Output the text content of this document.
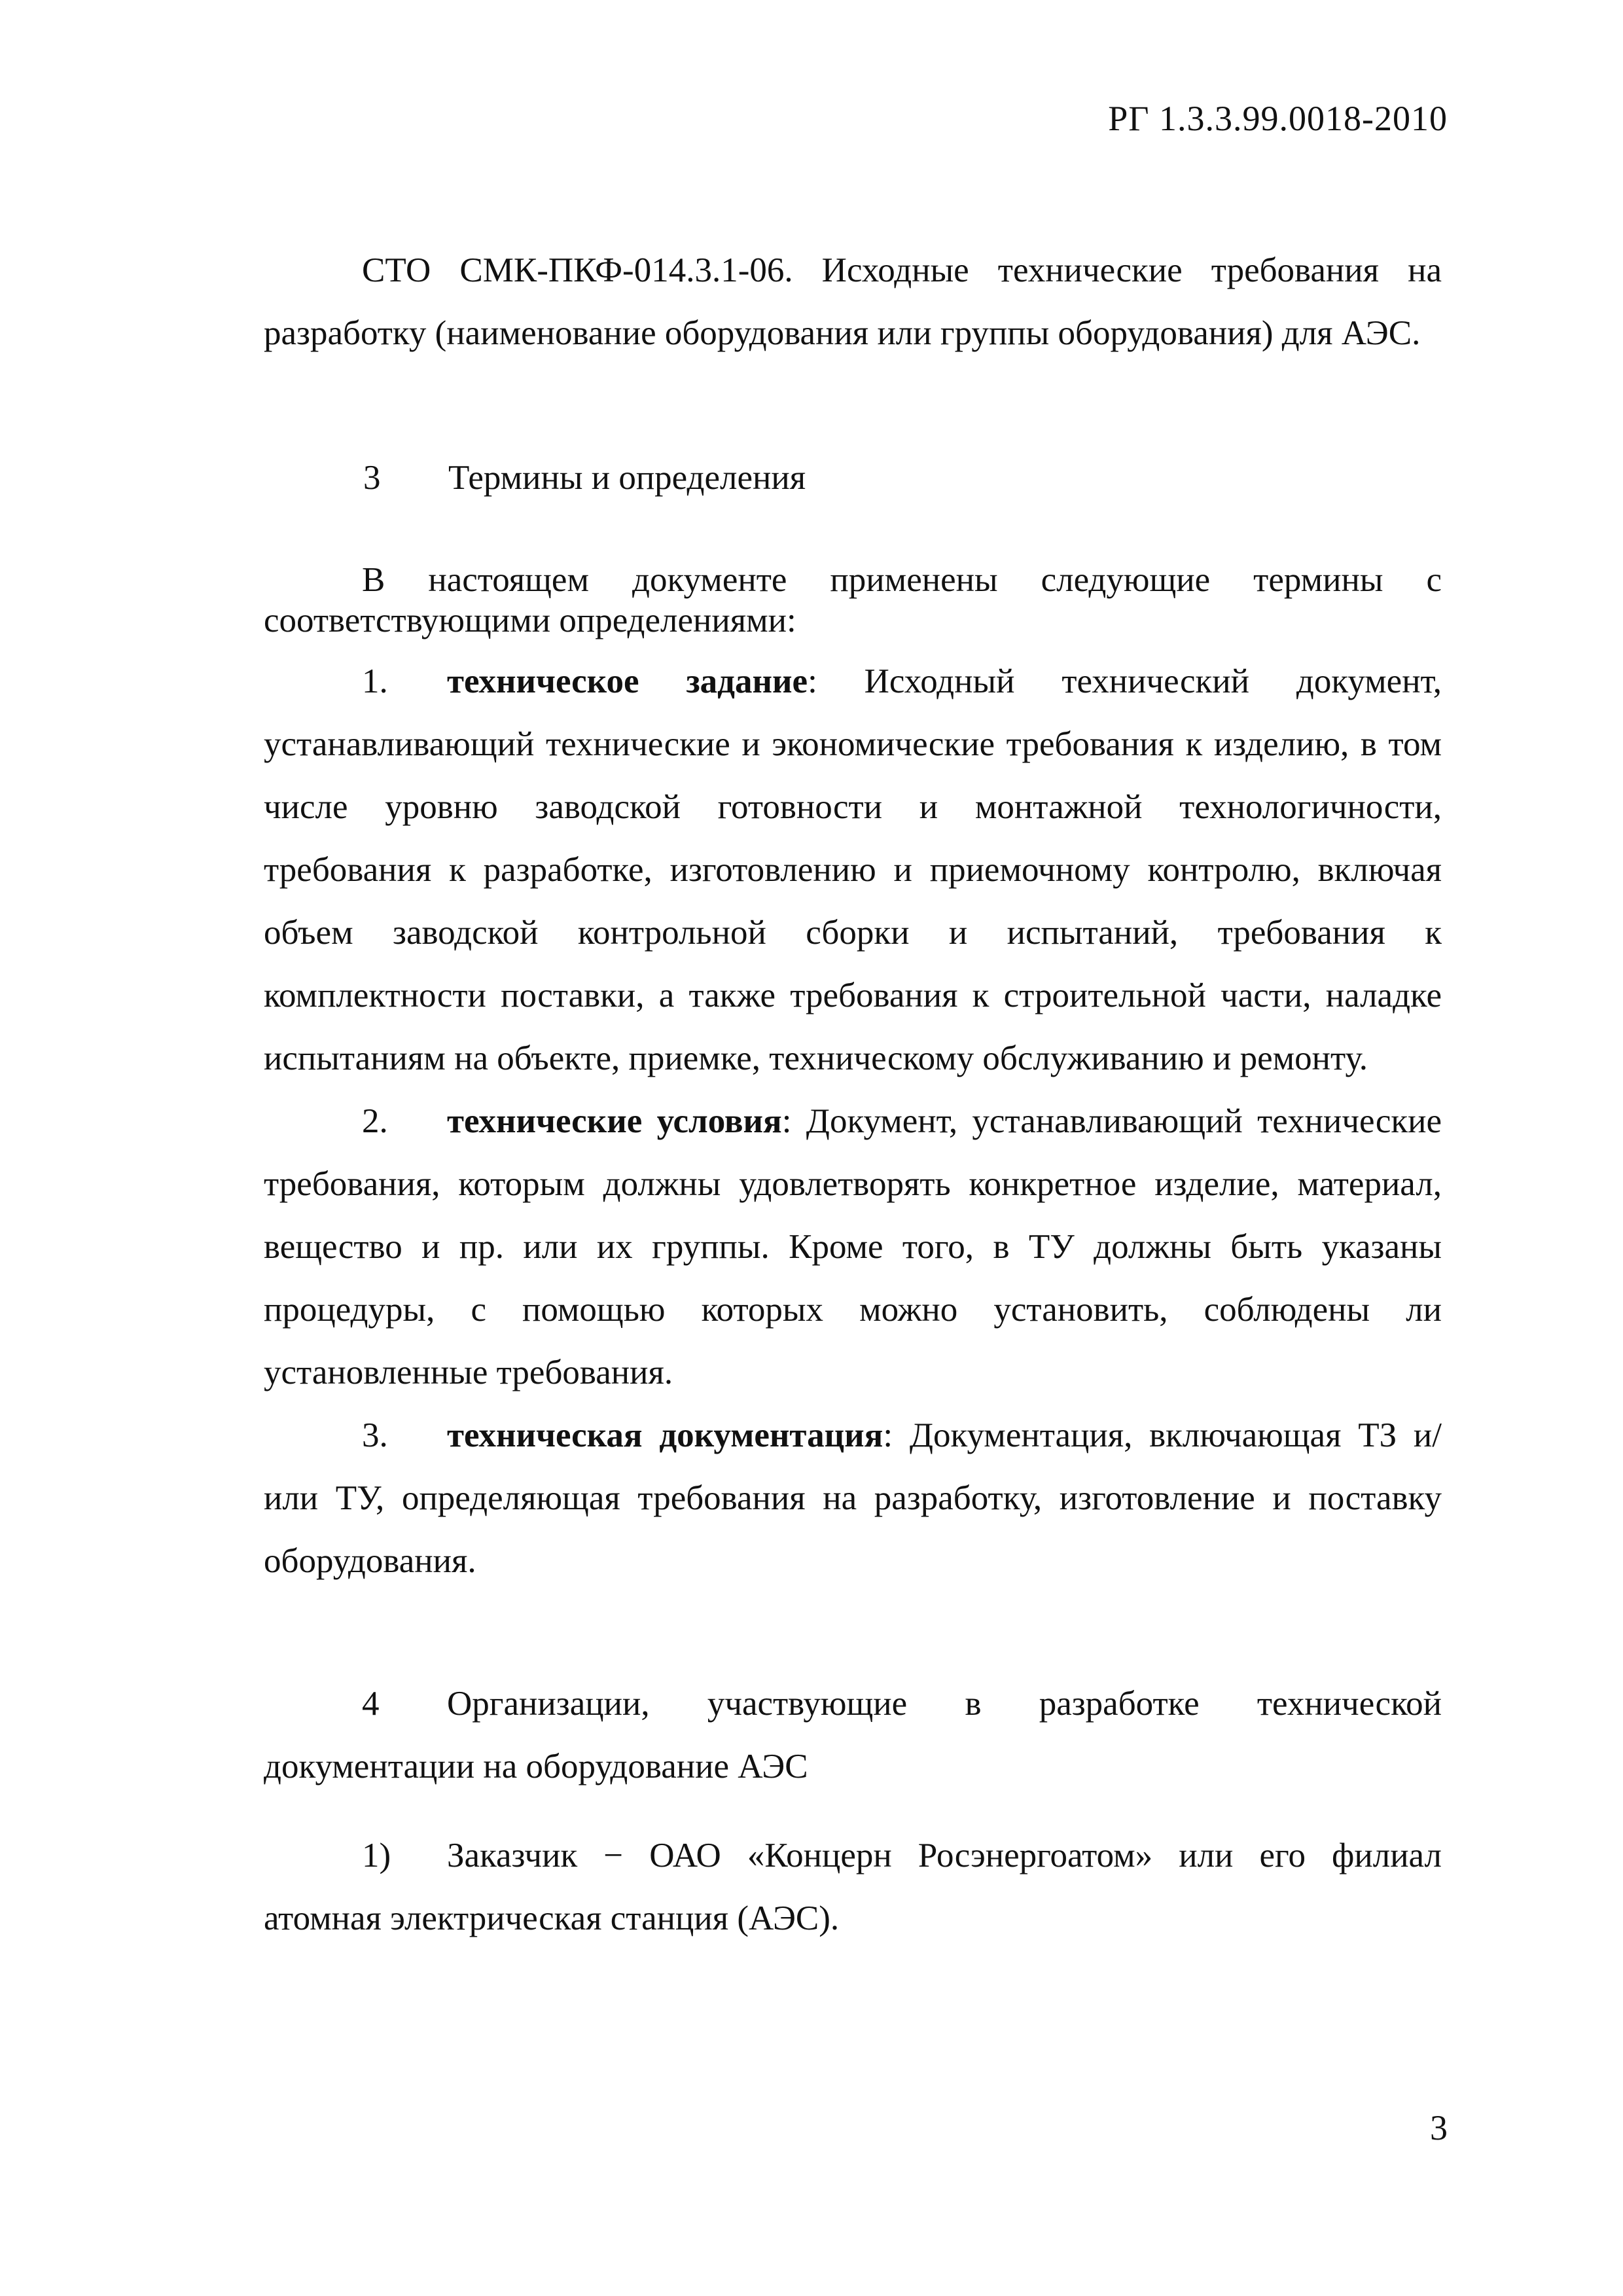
РГ 1.3.3.99.0018-2010

СТО СМК-ПКФ-014.3.1-06. Исходные технические требования на разработку (наименование оборудования или группы оборудования) для АЭС.

3 Термины и определения

В настоящем документе применены следующие термины с соответствующими определениями:

1. техническое задание: Исходный технический документ, устанавливающий технические и экономические требования к изделию, в том числе уровню заводской готовности и монтажной технологичности, требования к разработке, изготовлению и приемочному контролю, включая объем заводской контрольной сборки и испытаний, требования к комплектности поставки, а также требования к строительной части, наладке испытаниям на объекте, приемке, техническому обслуживанию и ремонту.

2. технические условия: Документ, устанавливающий технические требования, которым должны удовлетворять конкретное изделие, материал, вещество и пр. или их группы. Кроме того, в ТУ должны быть указаны процедуры, с помощью которых можно установить, соблюдены ли установленные требования.

3. техническая документация: Документация, включающая ТЗ и/или ТУ, определяющая требования на разработку, изготовление и поставку оборудования.

4 Организации, участвующие в разработке технической документации на оборудование АЭС

1) Заказчик − ОАО «Концерн Росэнергоатом» или его филиал атомная электрическая станция (АЭС).

3
